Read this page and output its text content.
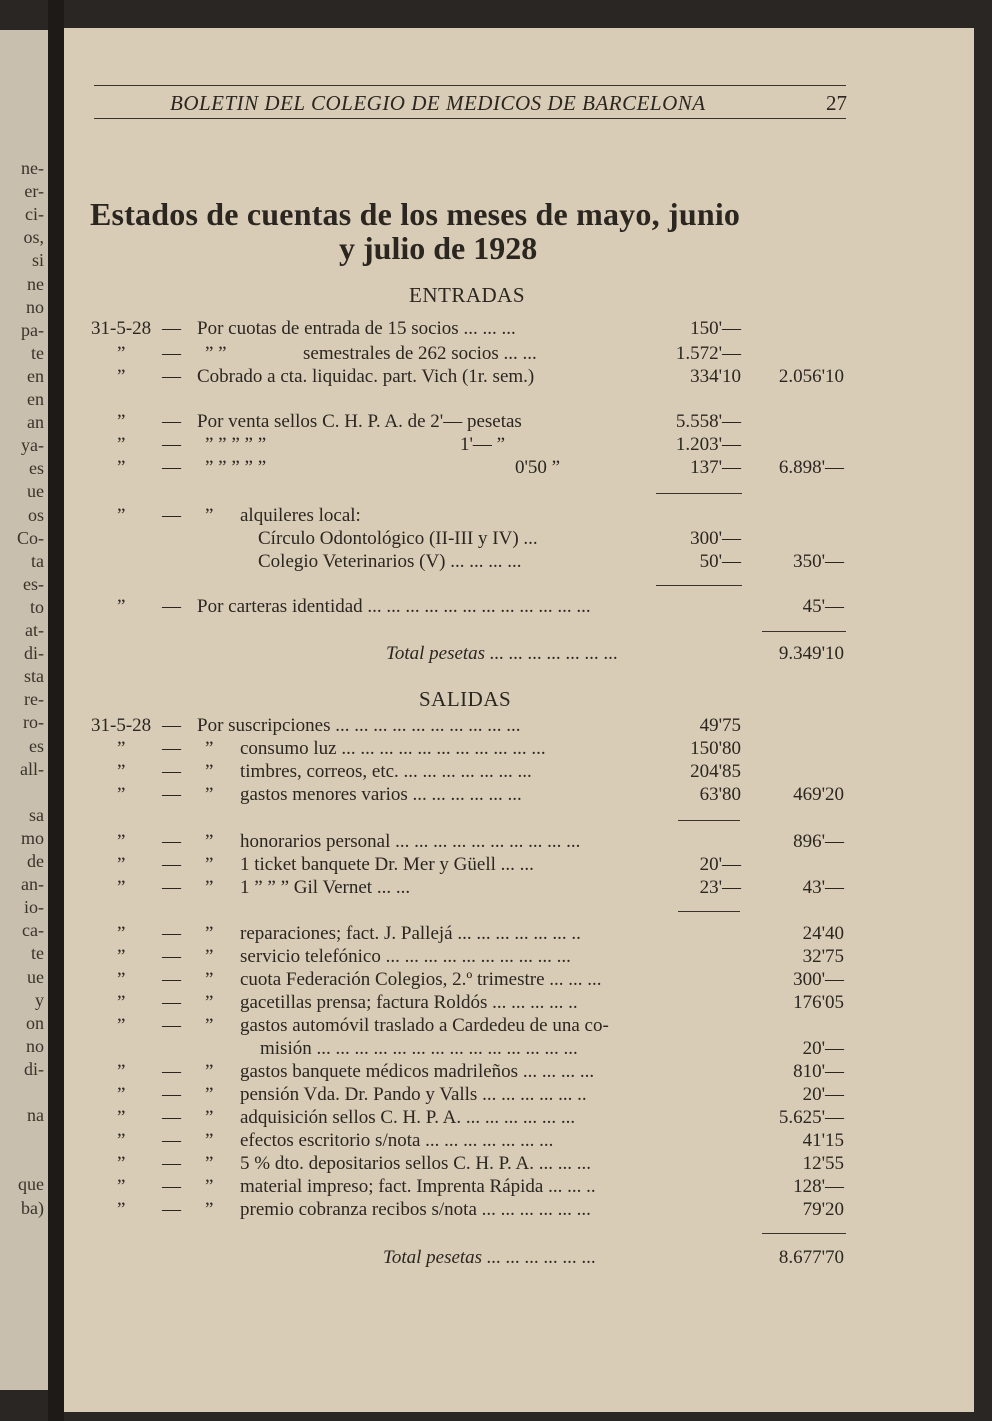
ne-
er-
ci-
os,
si
ne
no
pa-
te
en
en
an
ya-
es
ue
os
Co-
ta
es-
to
at-
di-
sta
re-
ro-
es
all-
sa
mo
de
an-
io-
ca-
te
ue
y
on
no
di-
na
que
ba)
BOLETIN DEL COLEGIO DE MEDICOS DE BARCELONA	27
Estados de cuentas de los meses de mayo, junio
y julio de 1928
ENTRADAS
31-5-28 — Por cuotas de entrada de 15 socios ... ... ...	150'—
” — ” ”	semestrales de 262 socios ... ...	1.572'—
” — Cobrado a cta. liquidac. part. Vich (1r. sem.)	334'10 2.056'10
” — Por venta sellos C. H. P. A. de 2'— pesetas	5.558'—
” — ” ” ” ” ”	1'— ”	1.203'—
” — ” ” ” ” ”	0'50 ”	137'— 6.898'—
” — ” alquileres local:
Círculo Odontológico (II-III y IV) ...	300'—
Colegio Veterinarios (V) ... ... ... ...	50'—	350'—
” — Por carteras identidad ... ... ... ... ... ... ... ... ... ... ... ...	45'—
Total pesetas ... ... ... ... ... ... ...	9.349'10
SALIDAS
31-5-28 — Por suscripciones ... ... ... ... ... ... ... ... ... ...	49'75
” — ” consumo luz ... ... ... ... ... ... ... ... ... ... ...	150'80
” — ” timbres, correos, etc. ... ... ... ... ... ... ...	204'85
” — ” gastos menores varios ... ... ... ... ... ...	63'80	469'20
” — ” honorarios personal ... ... ... ... ... ... ... ... ... ...	896'—
” — ” 1 ticket banquete Dr. Mer y Güell ... ...	20'—
” — ” 1 ” ” ” Gil Vernet ... ...	23'—	43'—
” — ” reparaciones; fact. J. Pallejá ... ... ... ... ... ... ..	24'40
” — ” servicio telefónico ... ... ... ... ... ... ... ... ... ...	32'75
” — ” cuota Federación Colegios, 2.º trimestre ... ... ...	300'—
” — ” gacetillas prensa; factura Roldós ... ... ... ... ..	176'05
” — ” gastos automóvil traslado a Cardedeu de una co-
misión ... ... ... ... ... ... ... ... ... ... ... ... ... ...	20'—
” — ” gastos banquete médicos madrileños ... ... ... ...	810'—
” — ” pensión Vda. Dr. Pando y Valls ... ... ... ... ... ..	20'—
” — ” adquisición sellos C. H. P. A. ... ... ... ... ... ...	5.625'—
” — ” efectos escritorio s/nota ... ... ... ... ... ... ...	41'15
” — ” 5 % dto. depositarios sellos C. H. P. A. ... ... ...	12'55
” — ” material impreso; fact. Imprenta Rápida ... ... ..	128'—
” — ” premio cobranza recibos s/nota ... ... ... ... ... ...	79'20
Total pesetas ... ... ... ... ... ...	8.677'70
